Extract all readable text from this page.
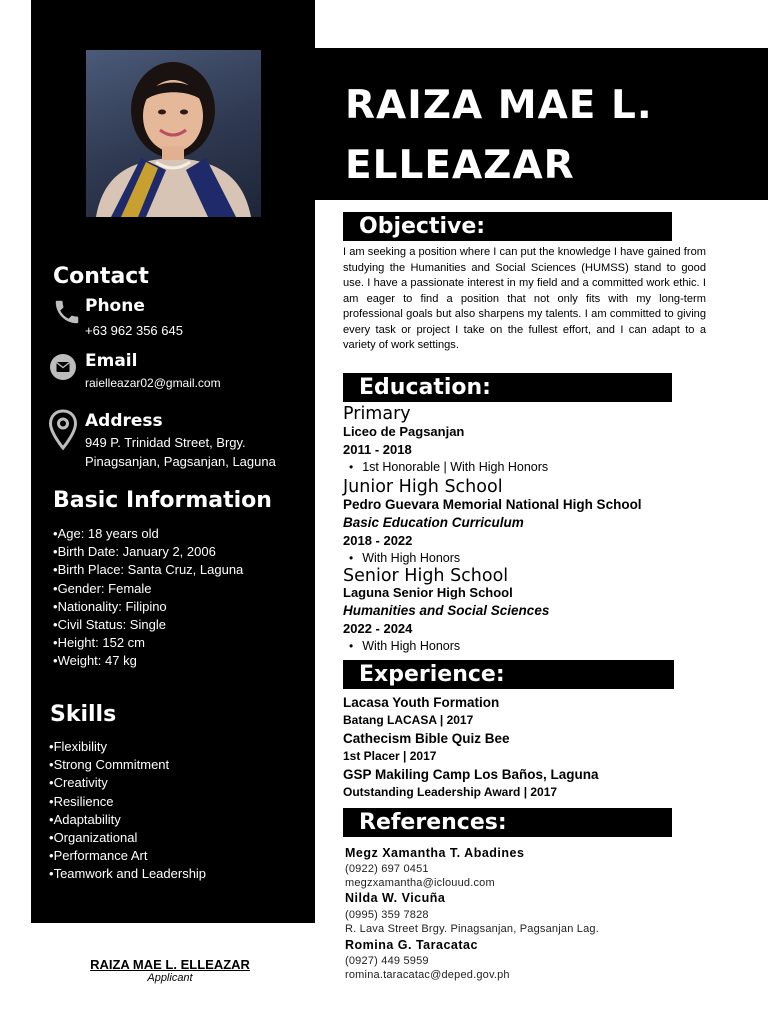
Contact
Phone
+63 962 356 645
Email
raielleazar02@gmail.com
Address
949 P. Trinidad Street, Brgy.
Pinagsanjan, Pagsanjan, Laguna
Basic Information
• Age: 18 years old
• Birth Date: January 2, 2006
• Birth Place: Santa Cruz, Laguna
• Gender: Female
• Nationality: Filipino
• Civil Status: Single
• Height: 152 cm
• Weight: 47 kg
Skills
• Flexibility
• Strong Commitment
• Creativity
• Resilience
• Adaptability
• Organizational
• Performance Art
• Teamwork and Leadership
RAIZA MAE L. ELLEAZAR
Applicant
RAIZA MAE L. ELLEAZAR
Objective:
I am seeking a position where I can put the knowledge I have gained from studying the Humanities and Social Sciences (HUMSS) stand to good use. I have a passionate interest in my field and a committed work ethic. I am eager to find a position that not only fits with my long-term professional goals but also sharpens my talents. I am committed to giving every task or project I take on the fullest effort, and I can adapt to a variety of work settings.
Education:
Primary
Liceo de Pagsanjan
2011 - 2018
• 1st Honorable | With High Honors
Junior High School
Pedro Guevara Memorial National High School
Basic Education Curriculum
2018 - 2022
• With High Honors
Senior High School
Laguna Senior High School
Humanities and Social Sciences
2022 - 2024
• With High Honors
Experience:
Lacasa Youth Formation
Batang LACASA | 2017
Cathecism Bible Quiz Bee
1st Placer | 2017
GSP Makiling Camp Los Baños, Laguna
Outstanding Leadership Award | 2017
References:
Megz Xamantha T. Abadines
(0922) 697 0451
megzxamantha@iclouud.com
Nilda W. Vicuña
(0995) 359 7828
R. Lava Street Brgy. Pinagsanjan, Pagsanjan Lag.
Romina G. Taracatac
(0927) 449 5959
romina.taracatac@deped.gov.ph
